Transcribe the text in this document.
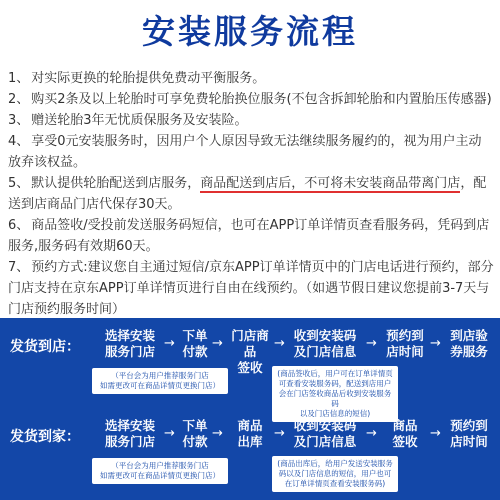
安装服务流程

1、 对实际更换的轮胎提供免费动平衡服务。

2、 购买2条及以上轮胎时可享免费轮胎换位服务(不包含拆卸轮胎和内置胎压传感器)

3、 赠送轮胎3年无忧质保服务及安装险。

4、 享受0元安装服务时，因用户个人原因导致无法继续服务履约的，视为用户主动放弃该权益。

5、 默认提供轮胎配送到店服务，商品配送到店后，不可将未安装商品带离门店，配送到店商品门店代保存30天。

6、 商品签收/受投前发送服务码短信，也可在APP订单详情页查看服务码，凭码到店服务,服务码有效期60天。

7、 预约方式:建议您自主通过短信/京东APP订单详情页中的门店电话进行预约，部分门店支持在京东APP订单详情页进行自由在线预约。（如遇节假日建议您提前3-7天与门店预约服务时间）

发货到店：
选择安装
服务门店
→
下单
付款
→
门店商品
签收
→
收到安装码
及门店信息
→
预约到
店时间
→
到店验
券服务
（平台会为用户推荐服务门店
如需更改可在商品详情页更换门店）
(商品签收后，用户可在订单详情页
可查看安装服务码，配送到店用户
会在门店签收商品后收到安装服务码
以及门店信息的短信)
发货到家：
选择安装
服务门店
→
下单
付款
→
商品
出库
→
收到安装码
及门店信息
→
商品
签收
→
预约到
店时间
（平台会为用户推荐服务门店
如需更改可在商品详情页更换门店）
(商品出库后，给用户发送安装服务
码以及门店信息的短信，用户也可
在订单详情页查看安装服务码)
